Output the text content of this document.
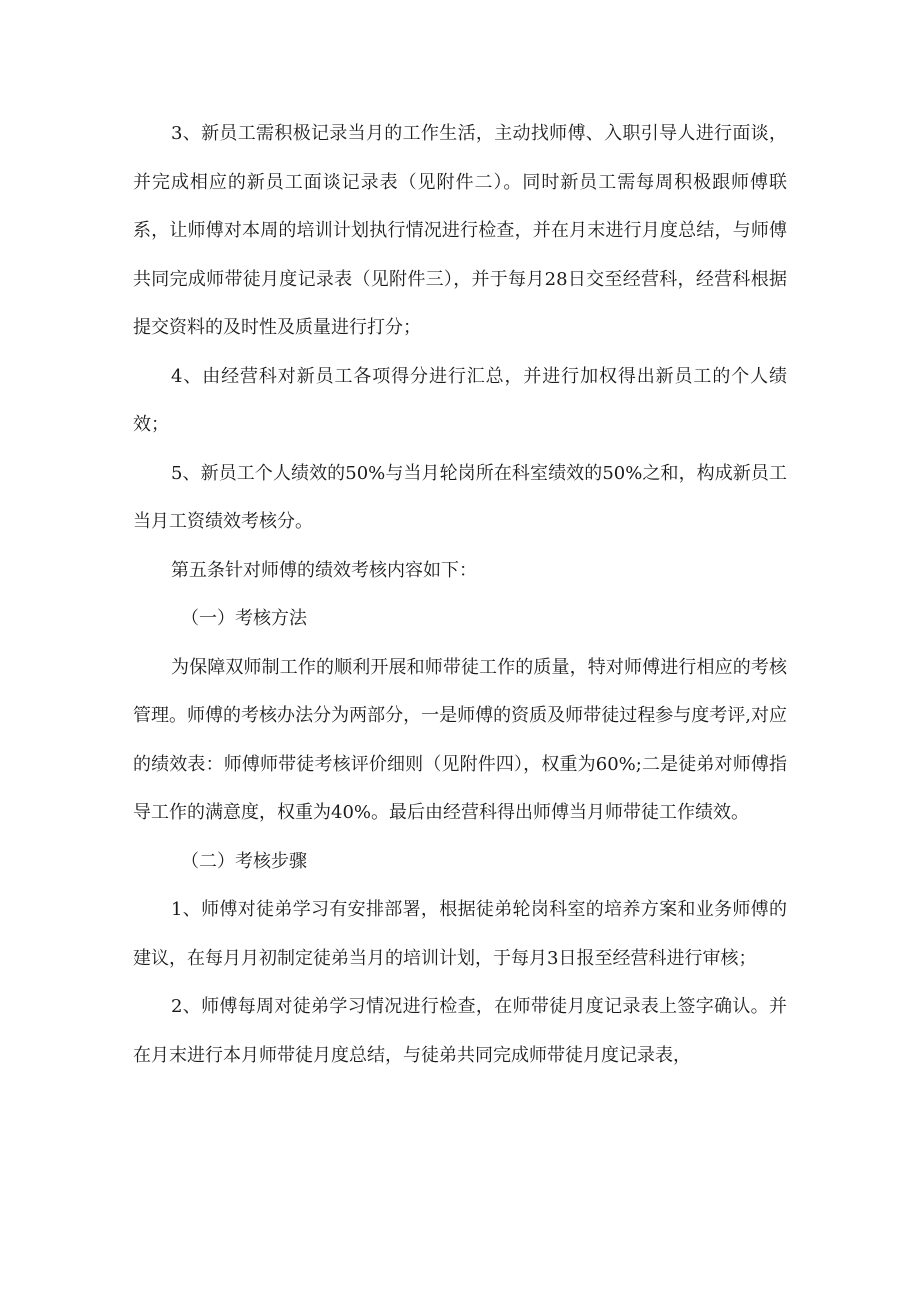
3、新员工需积极记录当月的工作生活，主动找师傅、入职引导人进行面谈，并完成相应的新员工面谈记录表（见附件二）。同时新员工需每周积极跟师傅联系，让师傅对本周的培训计划执行情况进行检查，并在月末进行月度总结，与师傅共同完成师带徒月度记录表（见附件三），并于每月28日交至经营科，经营科根据提交资料的及时性及质量进行打分；

4、由经营科对新员工各项得分进行汇总，并进行加权得出新员工的个人绩效；

5、新员工个人绩效的50%与当月轮岗所在科室绩效的50%之和，构成新员工当月工资绩效考核分。

第五条针对师傅的绩效考核内容如下：

（一）考核方法

为保障双师制工作的顺利开展和师带徒工作的质量，特对师傅进行相应的考核管理。师傅的考核办法分为两部分，一是师傅的资质及师带徒过程参与度考评,对应的绩效表：师傅师带徒考核评价细则（见附件四），权重为60%;二是徒弟对师傅指导工作的满意度，权重为40%。最后由经营科得出师傅当月师带徒工作绩效。

（二）考核步骤

1、师傅对徒弟学习有安排部署，根据徒弟轮岗科室的培养方案和业务师傅的建议，在每月月初制定徒弟当月的培训计划，于每月3日报至经营科进行审核；

2、师傅每周对徒弟学习情况进行检查，在师带徒月度记录表上签字确认。并在月末进行本月师带徒月度总结，与徒弟共同完成师带徒月度记录表，
